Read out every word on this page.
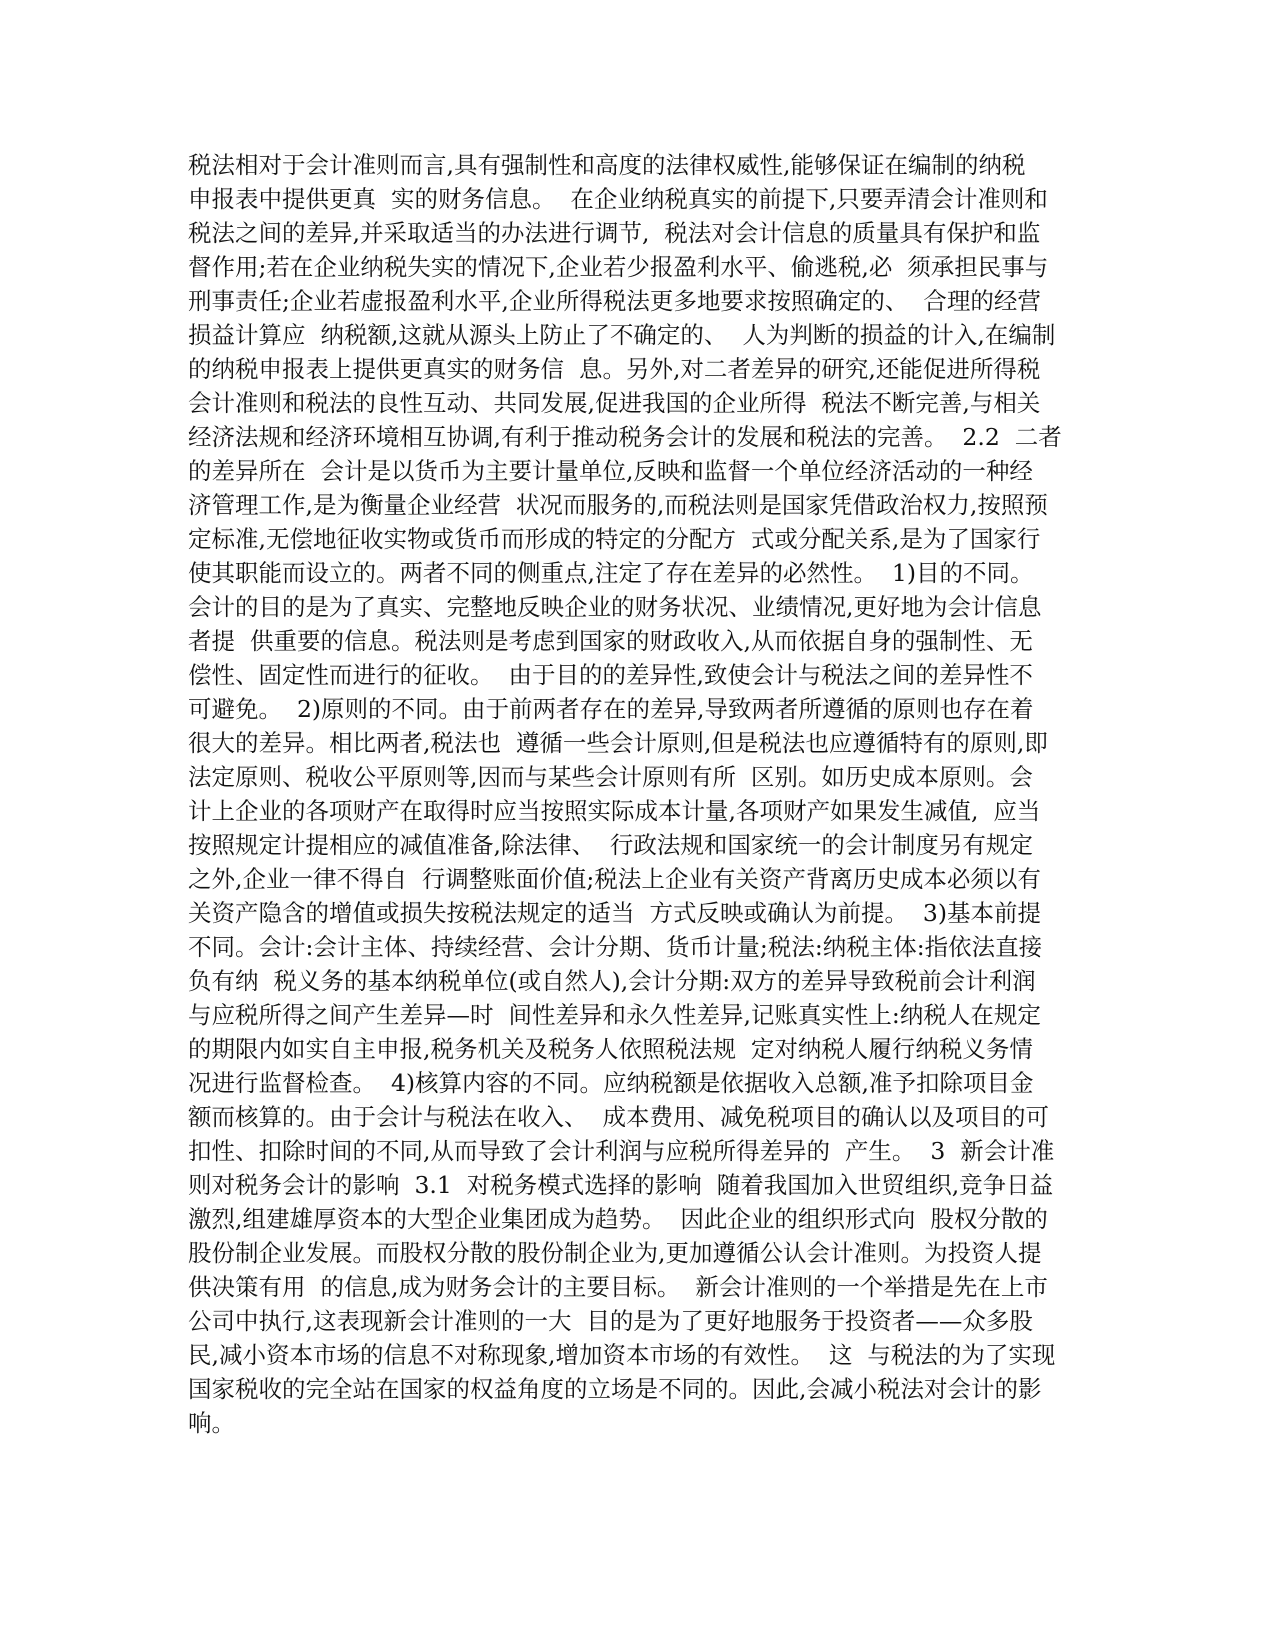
税法相对于会计准则而言,具有强制性和高度的法律权威性,能够保证在编制的纳税
申报表中提供更真  实的财务信息。  在企业纳税真实的前提下,只要弄清会计准则和
税法之间的差异,并采取适当的办法进行调节,  税法对会计信息的质量具有保护和监
督作用;若在企业纳税失实的情况下,企业若少报盈利水平、偷逃税,必  须承担民事与
刑事责任;企业若虚报盈利水平,企业所得税法更多地要求按照确定的、  合理的经营
损益计算应  纳税额,这就从源头上防止了不确定的、  人为判断的损益的计入,在编制
的纳税申报表上提供更真实的财务信  息。另外,对二者差异的研究,还能促进所得税
会计准则和税法的良性互动、共同发展,促进我国的企业所得  税法不断完善,与相关
经济法规和经济环境相互协调,有利于推动税务会计的发展和税法的完善。  2.2  二者
的差异所在  会计是以货币为主要计量单位,反映和监督一个单位经济活动的一种经
济管理工作,是为衡量企业经营  状况而服务的,而税法则是国家凭借政治权力,按照预
定标准,无偿地征收实物或货币而形成的特定的分配方  式或分配关系,是为了国家行
使其职能而设立的。两者不同的侧重点,注定了存在差异的必然性。  1)目的不同。
会计的目的是为了真实、完整地反映企业的财务状况、业绩情况,更好地为会计信息
者提  供重要的信息。税法则是考虑到国家的财政收入,从而依据自身的强制性、无
偿性、固定性而进行的征收。  由于目的的差异性,致使会计与税法之间的差异性不
可避免。  2)原则的不同。由于前两者存在的差异,导致两者所遵循的原则也存在着
很大的差异。相比两者,税法也  遵循一些会计原则,但是税法也应遵循特有的原则,即
法定原则、税收公平原则等,因而与某些会计原则有所  区别。如历史成本原则。会
计上企业的各项财产在取得时应当按照实际成本计量,各项财产如果发生减值,  应当
按照规定计提相应的减值准备,除法律、  行政法规和国家统一的会计制度另有规定
之外,企业一律不得自  行调整账面价值;税法上企业有关资产背离历史成本必须以有
关资产隐含的增值或损失按税法规定的适当  方式反映或确认为前提。  3)基本前提
不同。会计:会计主体、持续经营、会计分期、货币计量;税法:纳税主体:指依法直接
负有纳  税义务的基本纳税单位(或自然人),会计分期:双方的差异导致税前会计利润
与应税所得之间产生差异—时  间性差异和永久性差异,记账真实性上:纳税人在规定
的期限内如实自主申报,税务机关及税务人依照税法规  定对纳税人履行纳税义务情
况进行监督检查。  4)核算内容的不同。应纳税额是依据收入总额,准予扣除项目金
额而核算的。由于会计与税法在收入、  成本费用、减免税项目的确认以及项目的可
扣性、扣除时间的不同,从而导致了会计利润与应税所得差异的  产生。  3  新会计准
则对税务会计的影响  3.1  对税务模式选择的影响  随着我国加入世贸组织,竞争日益
激烈,组建雄厚资本的大型企业集团成为趋势。  因此企业的组织形式向  股权分散的
股份制企业发展。而股权分散的股份制企业为,更加遵循公认会计准则。为投资人提
供决策有用  的信息,成为财务会计的主要目标。  新会计准则的一个举措是先在上市
公司中执行,这表现新会计准则的一大  目的是为了更好地服务于投资者——众多股
民,减小资本市场的信息不对称现象,增加资本市场的有效性。  这  与税法的为了实现
国家税收的完全站在国家的权益角度的立场是不同的。因此,会减小税法对会计的影
响。
